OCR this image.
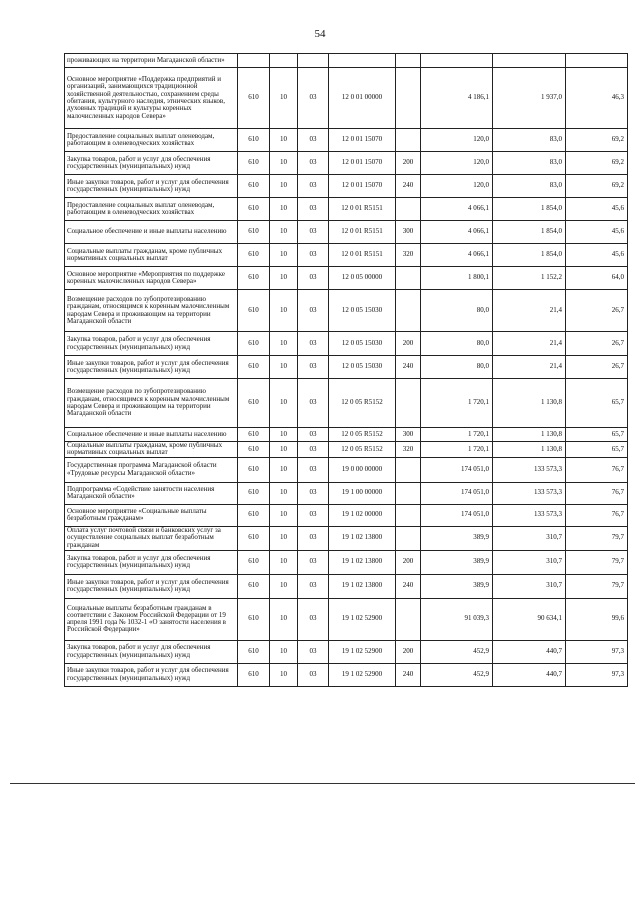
54
проживающих на территории Магаданской области»								
Основное мероприятие «Поддержка предприятий и организаций, занимающихся традиционной хозяйственной деятельностью, сохранением среды обитания, культурного наследия, этнических языков, духовных традиций и культуры коренных малочисленных народов Севера»	610	10	03	12 0 01 00000		4 186,1	1 937,0	46,3
Предоставление социальных выплат оленеводам, работающим в оленеводческих хозяйствах	610	10	03	12 0 01 15070		120,0	83,0	69,2
Закупка товаров, работ и услуг для обеспечения государственных (муниципальных) нужд	610	10	03	12 0 01 15070	200	120,0	83,0	69,2
Иные закупки товаров, работ и услуг для обеспечения государственных (муниципальных) нужд	610	10	03	12 0 01 15070	240	120,0	83,0	69,2
Предоставление социальных выплат оленеводам, работающим в оленеводческих хозяйствах	610	10	03	12 0 01 R5151		4 066,1	1 854,0	45,6
Социальное обеспечение и иные выплаты населению	610	10	03	12 0 01 R5151	300	4 066,1	1 854,0	45,6
Социальные выплаты гражданам, кроме публичных нормативных социальных выплат	610	10	03	12 0 01 R5151	320	4 066,1	1 854,0	45,6
Основное мероприятие «Мероприятия по поддержке коренных малочисленных народов Севера»	610	10	03	12 0 05 00000		1 800,1	1 152,2	64,0
Возмещение расходов по зубопротезированию гражданам, относящимся к коренным малочисленным народам Севера и проживающим на территории Магаданской области	610	10	03	12 0 05 15030		80,0	21,4	26,7
Закупка товаров, работ и услуг для обеспечения государственных (муниципальных) нужд	610	10	03	12 0 05 15030	200	80,0	21,4	26,7
Иные закупки товаров, работ и услуг для обеспечения государственных (муниципальных) нужд	610	10	03	12 0 05 15030	240	80,0	21,4	26,7
Возмещение расходов по зубопротезированию гражданам, относящимся к коренным малочисленным народам Севера и проживающим на территории Магаданской области	610	10	03	12 0 05 R5152		1 720,1	1 130,8	65,7
Социальное обеспечение и иные выплаты населению	610	10	03	12 0 05 R5152	300	1 720,1	1 130,8	65,7
Социальные выплаты гражданам, кроме публичных нормативных социальных выплат	610	10	03	12 0 05 R5152	320	1 720,1	1 130,8	65,7
Государственная программа Магаданской области «Трудовые ресурсы Магаданской области»	610	10	03	19 0 00 00000		174 051,0	133 573,3	76,7
Подпрограмма «Содействие занятости населения Магаданской области»	610	10	03	19 1 00 00000		174 051,0	133 573,3	76,7
Основное мероприятие «Социальные выплаты безработным гражданам»	610	10	03	19 1 02 00000		174 051,0	133 573,3	76,7
Оплата услуг почтовой связи и банковских услуг за осуществление социальных выплат безработным гражданам	610	10	03	19 1 02 13800		389,9	310,7	79,7
Закупка товаров, работ и услуг для обеспечения государственных (муниципальных) нужд	610	10	03	19 1 02 13800	200	389,9	310,7	79,7
Иные закупки товаров, работ и услуг для обеспечения государственных (муниципальных) нужд	610	10	03	19 1 02 13800	240	389,9	310,7	79,7
Социальные выплаты безработным гражданам в соответствии с Законом Российской Федерации от 19 апреля 1991 года № 1032-1 «О занятости населения в Российской Федерации»	610	10	03	19 1 02 52900		91 039,3	90 634,1	99,6
Закупка товаров, работ и услуг для обеспечения государственных (муниципальных) нужд	610	10	03	19 1 02 52900	200	452,9	440,7	97,3
Иные закупки товаров, работ и услуг для обеспечения государственных (муниципальных) нужд	610	10	03	19 1 02 52900	240	452,9	440,7	97,3
